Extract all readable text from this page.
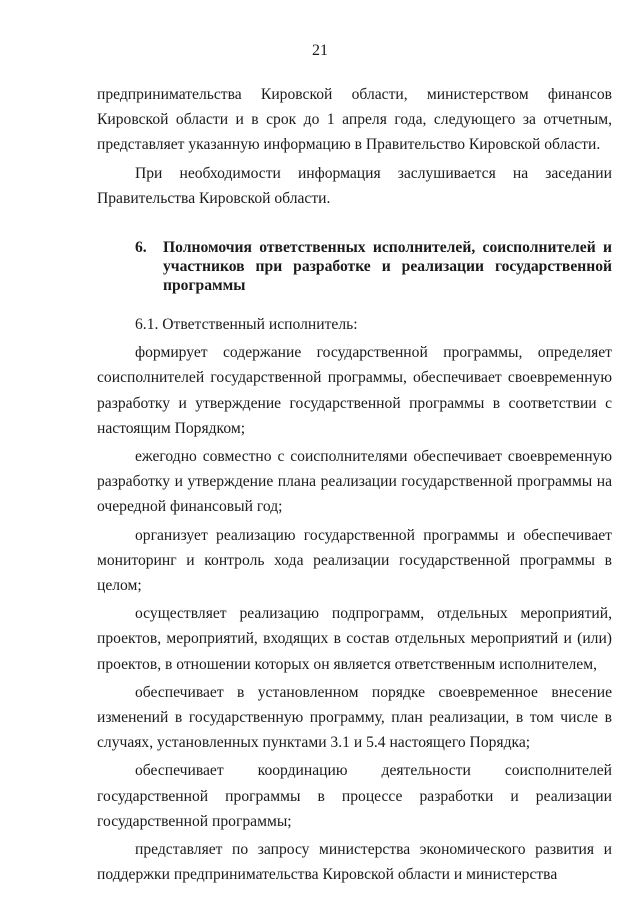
21

предпринимательства Кировской области, министерством финансов Кировской области и в срок до 1 апреля года, следующего за отчетным, представляет указанную информацию в Правительство Кировской области.

При необходимости информация заслушивается на заседании Правительства Кировской области.

6.	Полномочия ответственных исполнителей, соисполнителей и участников при разработке и реализации государственной программы

6.1. Ответственный исполнитель:

формирует содержание государственной программы, определяет соисполнителей государственной программы, обеспечивает своевременную разработку и утверждение государственной программы в соответствии с настоящим Порядком;

ежегодно совместно с соисполнителями обеспечивает своевременную разработку и утверждение плана реализации государственной программы на очередной финансовый год;

организует реализацию государственной программы и обеспечивает мониторинг и контроль хода реализации государственной программы в целом;

осуществляет реализацию подпрограмм, отдельных мероприятий, проектов, мероприятий, входящих в состав отдельных мероприятий и (или) проектов, в отношении которых он является ответственным исполнителем,

обеспечивает в установленном порядке своевременное внесение изменений в государственную программу, план реализации, в том числе в случаях, установленных пунктами 3.1 и 5.4 настоящего Порядка;

обеспечивает координацию деятельности соисполнителей государственной программы в процессе разработки и реализации государственной программы;

представляет по запросу министерства экономического развития и поддержки предпринимательства Кировской области и министерства
